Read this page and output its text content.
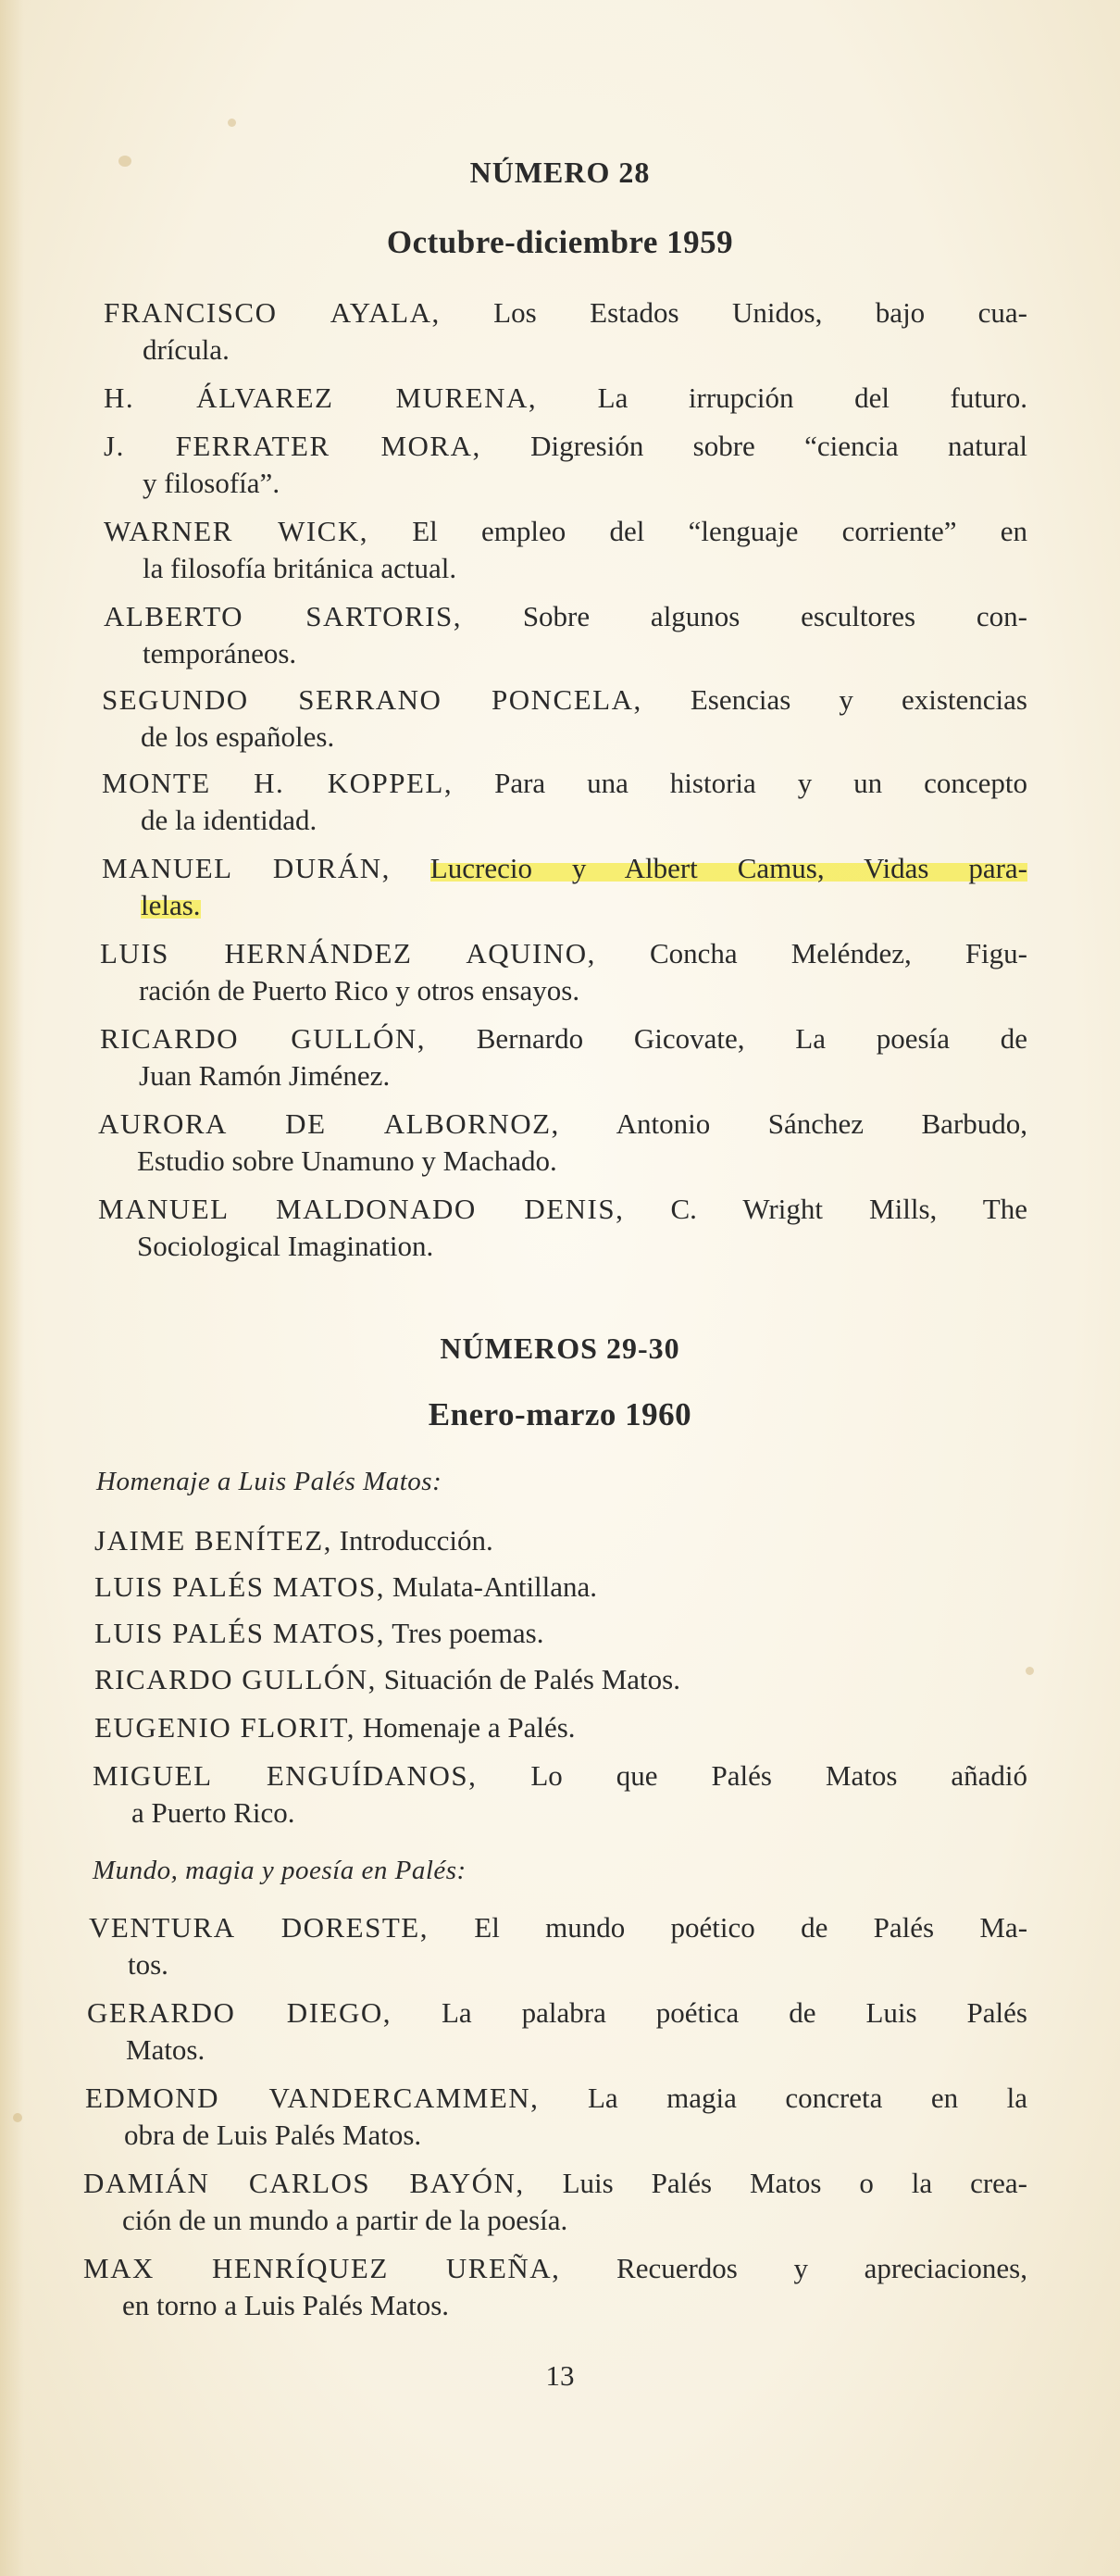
NÚMERO 28
Octubre-diciembre 1959
FRANCISCO AYALA, Los Estados Unidos, bajo cua-
drícula.
H. ÁLVAREZ MURENA, La irrupción del futuro.
J. FERRATER MORA, Digresión sobre “ciencia natural
y filosofía”.
WARNER WICK, El empleo del “lenguaje corriente” en
la filosofía británica actual.
ALBERTO SARTORIS, Sobre algunos escultores con-
temporáneos.
SEGUNDO SERRANO PONCELA, Esencias y existencias
de los españoles.
MONTE H. KOPPEL, Para una historia y un concepto
de la identidad.
MANUEL DURÁN, Lucrecio y Albert Camus, Vidas para-
lelas.
LUIS HERNÁNDEZ AQUINO, Concha Meléndez, Figu-
ración de Puerto Rico y otros ensayos.
RICARDO GULLÓN, Bernardo Gicovate, La poesía de
Juan Ramón Jiménez.
AURORA DE ALBORNOZ, Antonio Sánchez Barbudo,
Estudio sobre Unamuno y Machado.
MANUEL MALDONADO DENIS, C. Wright Mills, The
Sociological Imagination.
NÚMEROS 29-30
Enero-marzo 1960
Homenaje a Luis Palés Matos:
JAIME BENÍTEZ, Introducción.
LUIS PALÉS MATOS, Mulata-Antillana.
LUIS PALÉS MATOS, Tres poemas.
RICARDO GULLÓN, Situación de Palés Matos.
EUGENIO FLORIT, Homenaje a Palés.
MIGUEL ENGUÍDANOS, Lo que Palés Matos añadió
a Puerto Rico.
Mundo, magia y poesía en Palés:
VENTURA DORESTE, El mundo poético de Palés Ma-
tos.
GERARDO DIEGO, La palabra poética de Luis Palés
Matos.
EDMOND VANDERCAMMEN, La magia concreta en la
obra de Luis Palés Matos.
DAMIÁN CARLOS BAYÓN, Luis Palés Matos o la crea-
ción de un mundo a partir de la poesía.
MAX HENRÍQUEZ UREÑA, Recuerdos y apreciaciones,
en torno a Luis Palés Matos.
13
